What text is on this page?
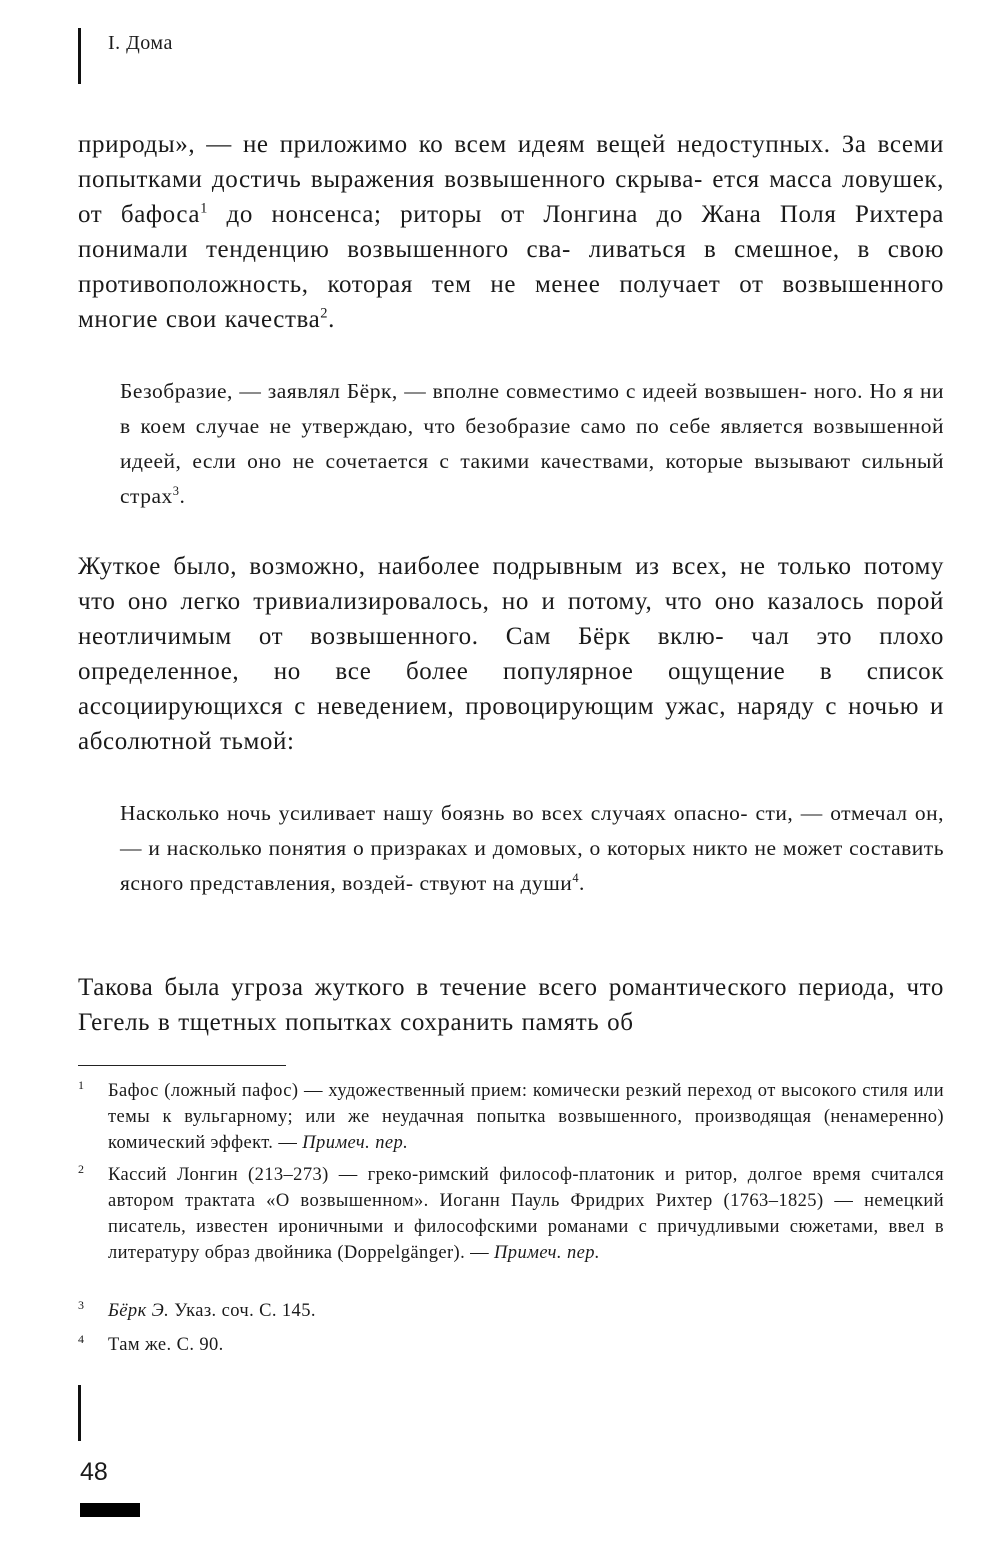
I. Дома

природы», — не приложимо ко всем идеям вещей недоступных. За всеми попытками достичь выражения возвышенного скрыва- ется масса ловушек, от бафоса$^1$ до нонсенса; риторы от Лонгина до Жана Поля Рихтера понимали тенденцию возвышенного сва- ливаться в смешное, в свою противоположность, которая тем не менее получает от возвышенного многие свои качества$^2$.

Безобразие, — заявлял Бёрк, — вполне совместимо с идеей возвышен- ного. Но я ни в коем случае не утверждаю, что безобразие само по себе является возвышенной идеей, если оно не сочетается с такими качествами, которые вызывают сильный страх$^3$.

Жуткое было, возможно, наиболее подрывным из всех, не только потому что оно легко тривиализировалось, но и потому, что оно казалось порой неотличимым от возвышенного. Сам Бёрк вклю- чал это плохо определенное, но все более популярное ощущение в список ассоциирующихся с неведением, провоцирующим ужас, наряду с ночью и абсолютной тьмой:

Насколько ночь усиливает нашу боязнь во всех случаях опасно- сти, — отмечал он, — и насколько понятия о призраках и домовых, о которых никто не может составить ясного представления, воздей- ствуют на души$^4$.

Такова была угроза жуткого в течение всего романтического периода, что Гегель в тщетных попытках сохранить память об

1	Бафос (ложный пафос) — художественный прием: комически резкий переход от высокого стиля или темы к вульгарному; или же неудачная попытка возвышенного, производящая (ненамеренно) комический эффект. — Примеч. пер.
2	Кассий Лонгин (213–273) — греко-римский философ-платоник и ритор, долгое время считался автором трактата «О возвышенном». Иоганн Пауль Фридрих Рихтер (1763–1825) — немецкий писатель, известен ироничными и философскими романами с причудливыми сюжетами, ввел в литературу образ двойника (Doppelgänger). — Примеч. пер.
3	Бёрк Э. Указ. соч. С. 145.
4	Там же. С. 90.
48
